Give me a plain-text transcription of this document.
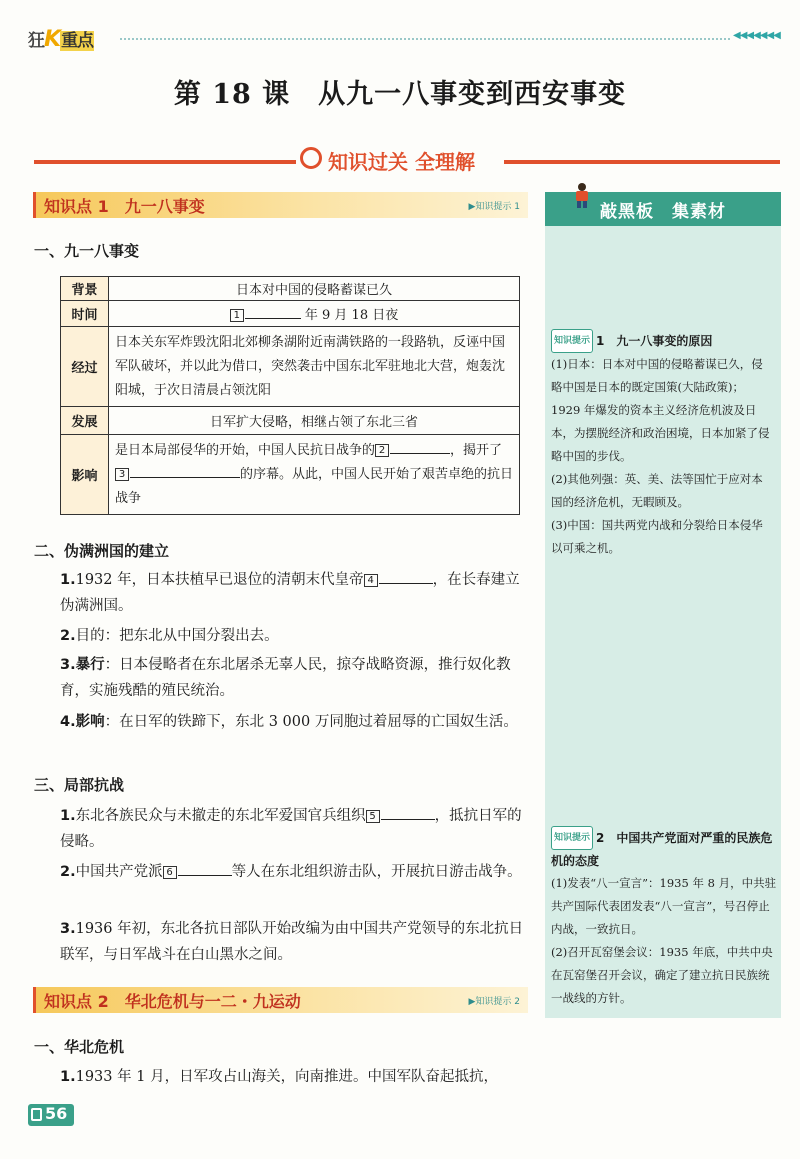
狂K重点	◀◀◀◀◀◀◀
第 18 课　从九一八事变到西安事变
知识过关 全理解
知识点 1　九一八事变	▶知识提示 1
一、九一八事变
背景	日本对中国的侵略蓄谋已久
时间	1 年 9 月 18 日夜
经过	日本关东军炸毁沈阳北郊柳条湖附近南满铁路的一段路轨，反诬中国军队破坏，并以此为借口，突然袭击中国东北军驻地北大营，炮轰沈阳城，于次日清晨占领沈阳
发展	日军扩大侵略，相继占领了东北三省
影响	是日本局部侵华的开始，中国人民抗日战争的 2 ，揭开了3 的序幕。从此，中国人民开始了艰苦卓绝的抗日战争
二、伪满洲国的建立

1.1932 年，日本扶植早已退位的清朝末代皇帝 4	，在长春建立伪满洲国。

2.目的：把东北从中国分裂出去。

3.暴行：日本侵略者在东北屠杀无辜人民，掠夺战略资源，推行奴化教育，实施残酷的殖民统治。

4.影响：在日军的铁蹄下，东北 3 000 万同胞过着屈辱的亡国奴生活。

三、局部抗战

1.东北各族民众与未撤走的东北军爱国官兵组织 5	，抵抗日军的侵略。

2.中国共产党派 6	等人在东北组织游击队，开展抗日游击战争。

3.1936 年初，东北各抗日部队开始改编为由中国共产党领导的东北抗日联军，与日军战斗在白山黑水之间。

知识点 2　华北危机与一二・九运动	▶知识提示 2
一、华北危机

1.1933 年 1 月，日军攻占山海关，向南推进。中国军队奋起抵抗，

敲黑板　集素材
知识提示 1　九一八事变的原因

(1)日本：日本对中国的侵略蓄谋已久，侵略中国是日本的既定国策(大陆政策)；1929 年爆发的资本主义经济危机波及日本，为摆脱经济和政治困境，日本加紧了侵略中国的步伐。

(2)其他列强：英、美、法等国忙于应对本国的经济危机，无暇顾及。

(3)中国：国共两党内战和分裂给日本侵华以可乘之机。

知识提示 2　中国共产党面对严重的民族危机的态度

(1)发表“八一宣言”：1935 年 8 月，中共驻共产国际代表团发表“八一宣言”，号召停止内战，一致抗日。

(2)召开瓦窑堡会议：1935 年底，中共中央在瓦窑堡召开会议，确定了建立抗日民族统一战线的方针。

56
